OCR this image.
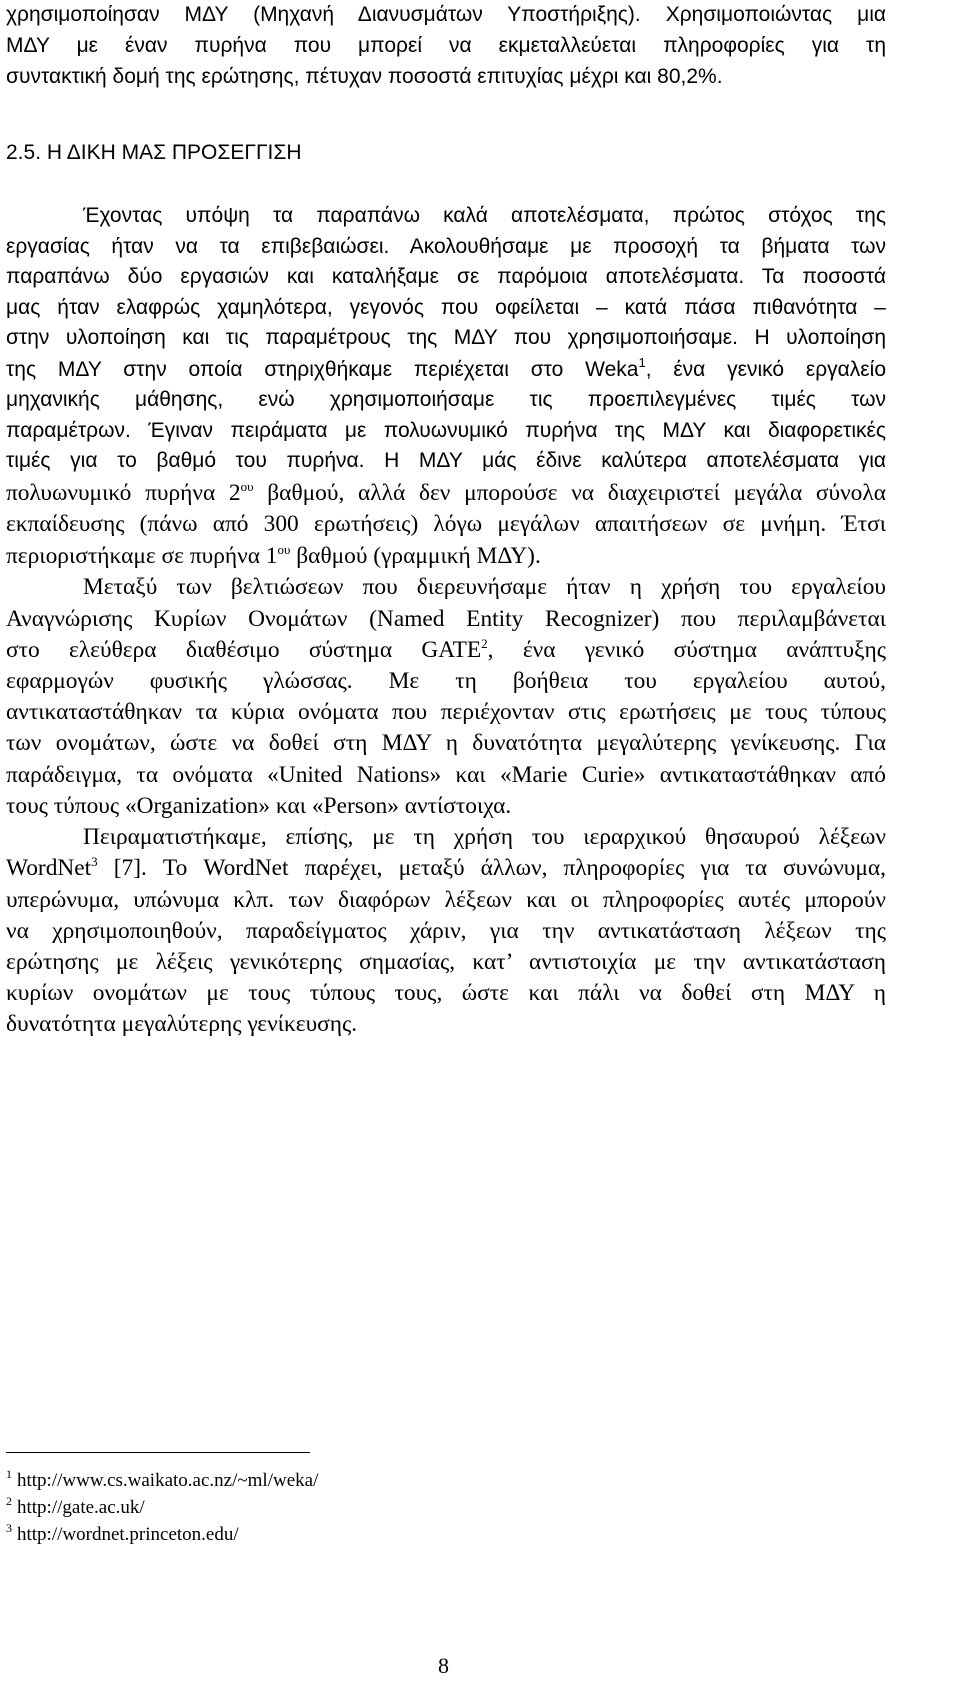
χρησιμοποίησαν ΜΔΥ (Μηχανή Διανυσμάτων Υποστήριξης). Χρησιμοποιώντας μια
ΜΔΥ με έναν πυρήνα που μπορεί να εκμεταλλεύεται πληροφορίες για τη
συντακτική δομή της ερώτησης, πέτυχαν ποσοστά επιτυχίας μέχρι και 80,2%.
2.5. Η ΔΙΚΗ ΜΑΣ ΠΡΟΣΕΓΓΙΣΗ
Έχοντας υπόψη τα παραπάνω καλά αποτελέσματα, πρώτος στόχος της
εργασίας ήταν να τα επιβεβαιώσει. Ακολουθήσαμε με προσοχή τα βήματα των
παραπάνω δύο εργασιών και καταλήξαμε σε παρόμοια αποτελέσματα. Τα ποσοστά
μας ήταν ελαφρώς χαμηλότερα, γεγονός που οφείλεται – κατά πάσα πιθανότητα –
στην υλοποίηση και τις παραμέτρους της ΜΔΥ που χρησιμοποιήσαμε. Η υλοποίηση
της ΜΔΥ στην οποία στηριχθήκαμε περιέχεται στο Weka$^1$, ένα γενικό εργαλείο
μηχανικής μάθησης, ενώ χρησιμοποιήσαμε τις προεπιλεγμένες τιμές των
παραμέτρων. Έγιναν πειράματα με πολυωνυμικό πυρήνα της ΜΔΥ και διαφορετικές
τιμές για το βαθμό του πυρήνα. Η ΜΔΥ μάς έδινε καλύτερα αποτελέσματα για
πολυωνυμικό πυρήνα $2^{o\upsilon}$ βαθμού, αλλά δεν μπορούσε να διαχειριστεί μεγάλα σύνολα
εκπαίδευσης (πάνω από 300 ερωτήσεις) λόγω μεγάλων απαιτήσεων σε μνήμη. Έτσι
περιοριστήκαμε σε πυρήνα $1^{o\upsilon}$ βαθμού (γραμμική ΜΔΥ).
Μεταξύ των βελτιώσεων που διερευνήσαμε ήταν η χρήση του εργαλείου
Αναγνώρισης Κυρίων Ονομάτων (Named Entity Recognizer) που περιλαμβάνεται
στο ελεύθερα διαθέσιμο σύστημα GATE$^2$, ένα γενικό σύστημα ανάπτυξης
εφαρμογών φυσικής γλώσσας. Με τη βοήθεια του εργαλείου αυτού,
αντικαταστάθηκαν τα κύρια ονόματα που περιέχονταν στις ερωτήσεις με τους τύπους
των ονομάτων, ώστε να δοθεί στη ΜΔΥ η δυνατότητα μεγαλύτερης γενίκευσης. Για
παράδειγμα, τα ονόματα «United Nations» και «Marie Curie» αντικαταστάθηκαν από
τους τύπους «Organization» και «Person» αντίστοιχα.
Πειραματιστήκαμε, επίσης, με τη χρήση του ιεραρχικού θησαυρού λέξεων
WordNet$^3$ [7]. Το WordNet παρέχει, μεταξύ άλλων, πληροφορίες για τα συνώνυμα,
υπερώνυμα, υπώνυμα κλπ. των διαφόρων λέξεων και οι πληροφορίες αυτές μπορούν
να χρησιμοποιηθούν, παραδείγματος χάριν, για την αντικατάσταση λέξεων της
ερώτησης με λέξεις γενικότερης σημασίας, κατ’ αντιστοιχία με την αντικατάσταση
κυρίων ονομάτων με τους τύπους τους, ώστε και πάλι να δοθεί στη ΜΔΥ η
δυνατότητα μεγαλύτερης γενίκευσης.
$^1$ http://www.cs.waikato.ac.nz/~ml/weka/
$^2$ http://gate.ac.uk/
$^3$ http://wordnet.princeton.edu/
8
